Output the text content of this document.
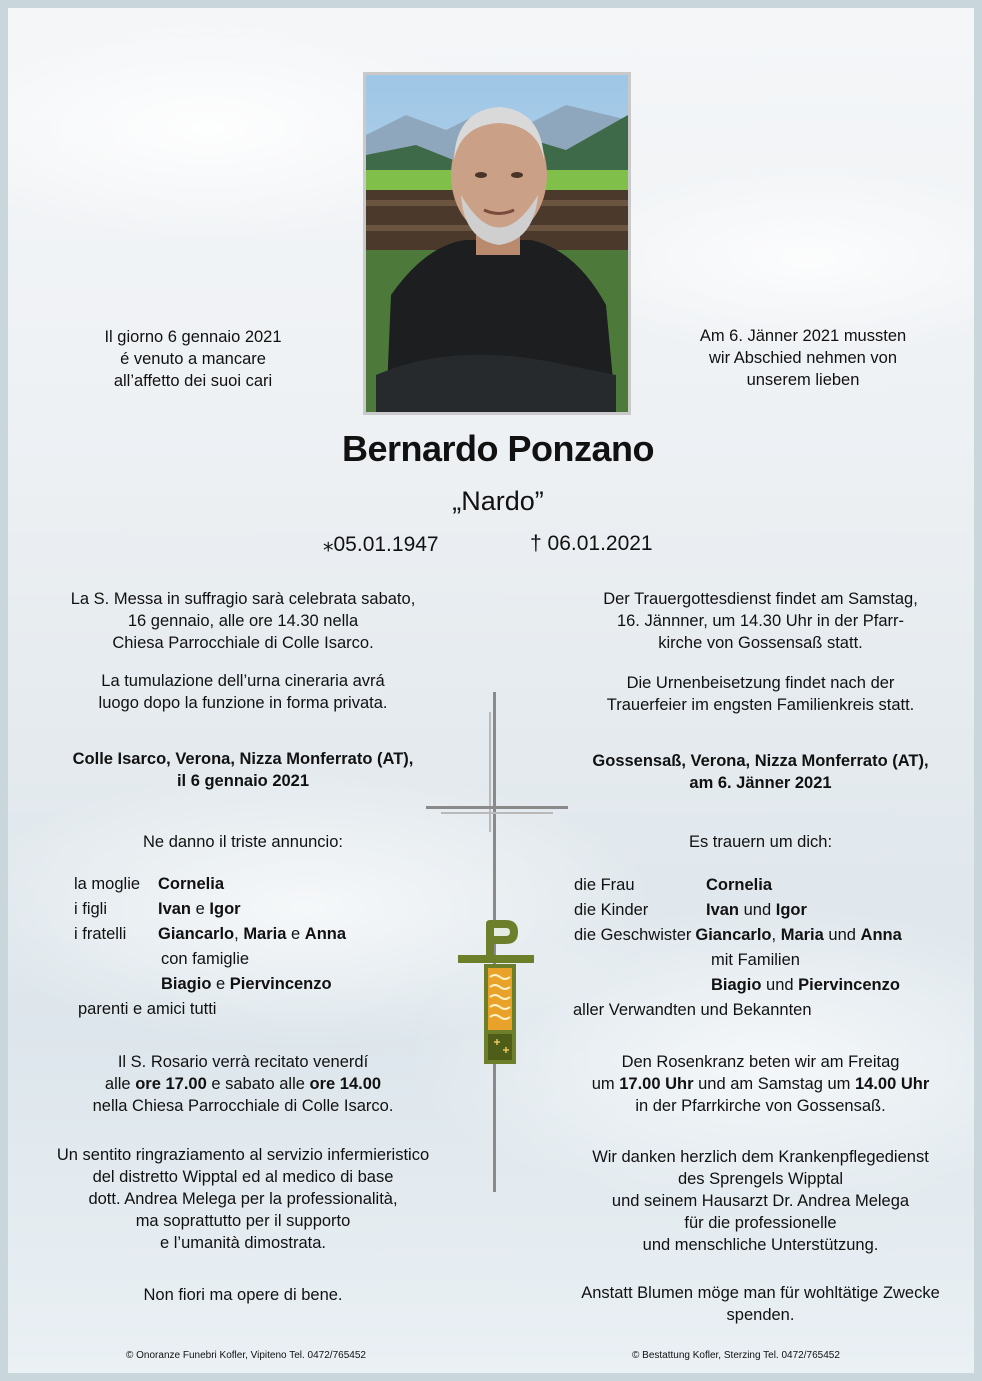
Il giorno 6 gennaio 2021
é venuto a mancare
all’affetto dei suoi cari
Am 6. Jänner 2021 mussten
wir Abschied nehmen von
unserem lieben
Bernardo Ponzano
„Nardo”
⁎05.01.1947	† 06.01.2021
La S. Messa in suffragio sarà celebrata sabato,
16 gennaio, alle ore 14.30 nella
Chiesa Parrocchiale di Colle Isarco.
La tumulazione dell’urna cineraria avrá
luogo dopo la funzione in forma privata.
Colle Isarco, Verona, Nizza Monferrato (AT),
il 6 gennaio 2021
Ne danno il triste annuncio:
la moglie Cornelia
i figli	Ivan e Igor
i fratelli Giancarlo, Maria e Anna
con famiglie
Biagio e Piervincenzo
parenti e amici tutti
Il S. Rosario verrà recitato venerdí
alle ore 17.00 e sabato alle ore 14.00
nella Chiesa Parrocchiale di Colle Isarco.
Un sentito ringraziamento al servizio infermieristico
del distretto Wipptal ed al medico di base
dott. Andrea Melega per la professionalità,
ma soprattutto per il supporto
e l’umanità dimostrata.
Non fiori ma opere di bene.
Der Trauergottesdienst findet am Samstag,
16. Jännner, um 14.30 Uhr in der Pfarr-
kirche von Gossensaß statt.
Die Urnenbeisetzung findet nach der
Trauerfeier im engsten Familienkreis statt.
Gossensaß, Verona, Nizza Monferrato (AT),
am 6. Jänner 2021
Es trauern um dich:
die Frau	Cornelia
die Kinder	Ivan und Igor
die Geschwister Giancarlo, Maria und Anna
mit Familien
Biagio und Piervincenzo
aller Verwandten und Bekannten
Den Rosenkranz beten wir am Freitag
um 17.00 Uhr und am Samstag um 14.00 Uhr
in der Pfarrkirche von Gossensaß.
Wir danken herzlich dem Krankenpflegedienst
des Sprengels Wipptal
und seinem Hausarzt Dr. Andrea Melega
für die professionelle
und menschliche Unterstützung.
Anstatt Blumen möge man für wohltätige Zwecke
spenden.
© Onoranze Funebri Kofler, Vipiteno Tel. 0472/765452	© Bestattung Kofler, Sterzing Tel. 0472/765452
